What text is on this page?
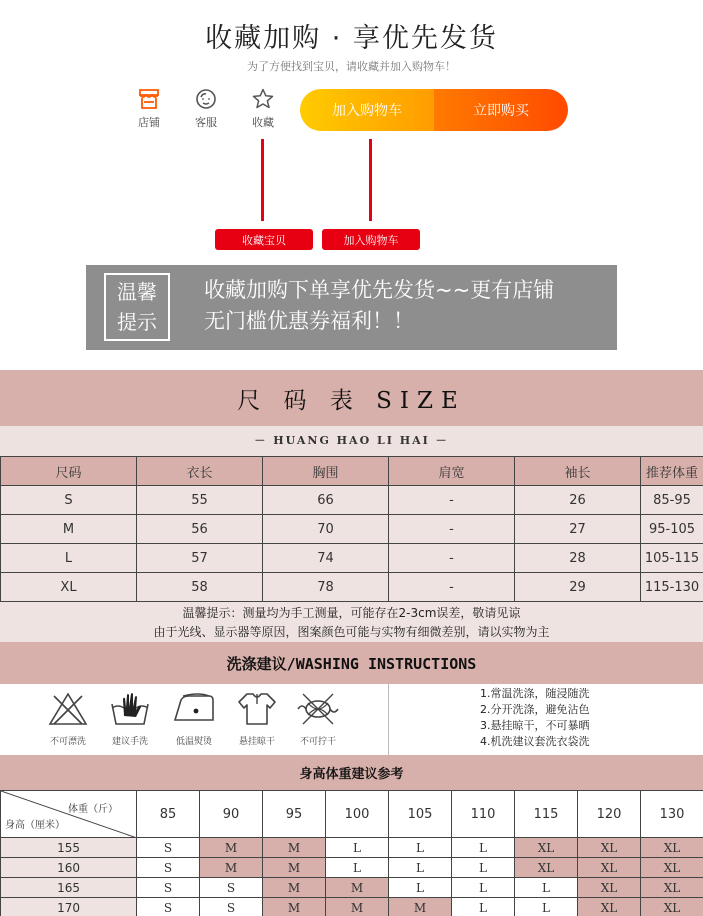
收藏加购 · 享优先发货
为了方便找到宝贝，请收藏并加入购物车！
店铺	客服	收藏
加入购物车	立即购买
收藏宝贝	加入购物车
温馨
提示
收藏加购下单享优先发货~~更有店铺
无门槛优惠券福利！！
尺 码 表 SIZE
－ HUANG HAO LI HAI －
尺码	衣长	胸围	肩宽	袖长	推荐体重
S	55	66	-	26	85-95
M	56	70	-	27	95-105
L	57	74	-	28	105-115
XL	58	78	-	29	115-130
温馨提示：测量均为手工测量，可能存在2-3cm误差，敬请见谅
由于光线、显示器等原因，图案颜色可能与实物有细微差别，请以实物为主
洗涤建议/WASHING INSTRUCTIONS
不可漂洗	建议手洗	低温熨烫	悬挂晾干	不可拧干
1.常温洗涤，随浸随洗
2.分开洗涤，避免沾色
3.悬挂晾干，不可暴晒
4.机洗建议套洗衣袋洗
身高体重建议参考
体重（斤）
身高（厘米）	85	90	95	100	105	110	115	120	130
155	S	M	M	L	L	L	XL	XL	XL
160	S	M	M	L	L	L	XL	XL	XL
165	S	S	M	M	L	L	L	XL	XL
170	S	S	M	M	M	L	L	XL	XL
